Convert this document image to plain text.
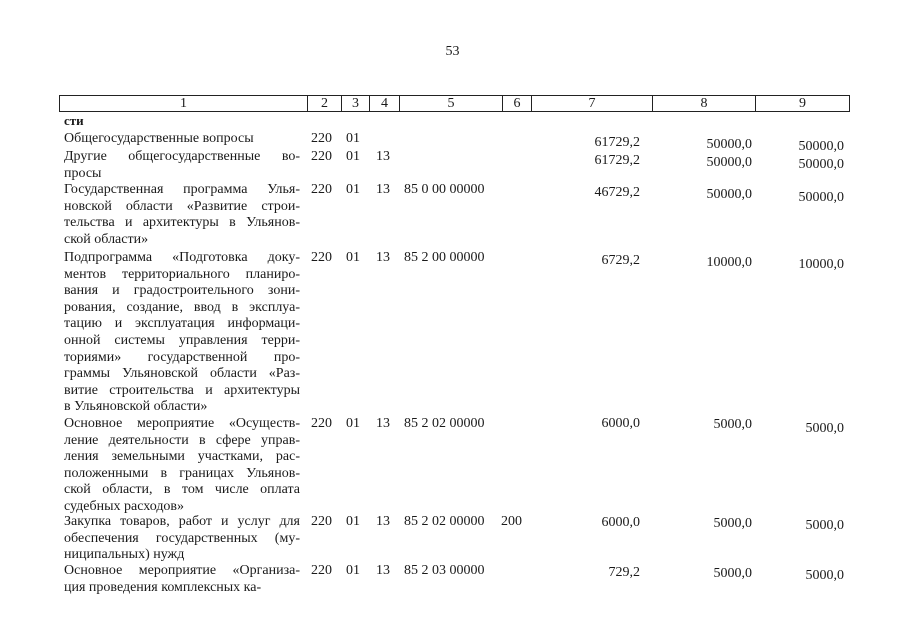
53
1	2	3	4	5	6	7	8	9
сти
Общегосударственные вопросы	220 01	61729,2	50000,0	50000,0
Другие общегосударственные во-
просы
220 01 13	61729,2	50000,0	50000,0
Государственная программа Улья-
новской области «Развитие строи-
тельства и архитектуры в Ульянов-
ской области»
220 01 13 85 0 00 00000	46729,2	50000,0	50000,0
Подпрограмма «Подготовка доку-
ментов территориального планиро-
вания и градостроительного зони-
рования, создание, ввод в эксплуа-
тацию и эксплуатация информаци-
онной системы управления терри-
ториями» государственной про-
граммы Ульяновской области «Раз-
витие строительства и архитектуры
в Ульяновской области»
220 01 13 85 2 00 00000	6729,2	10000,0	10000,0
Основное мероприятие «Осуществ-
ление деятельности в сфере управ-
ления земельными участками, рас-
положенными в границах Ульянов-
ской области, в том числе оплата
судебных расходов»
220 01 13 85 2 02 00000	6000,0	5000,0	5000,0
Закупка товаров, работ и услуг для
обеспечения государственных (му-
ниципальных) нужд
220 01 13 85 2 02 00000 200	6000,0	5000,0	5000,0
Основное мероприятие «Организа-
ция проведения комплексных ка-
220 01 13 85 2 03 00000	729,2	5000,0	5000,0
